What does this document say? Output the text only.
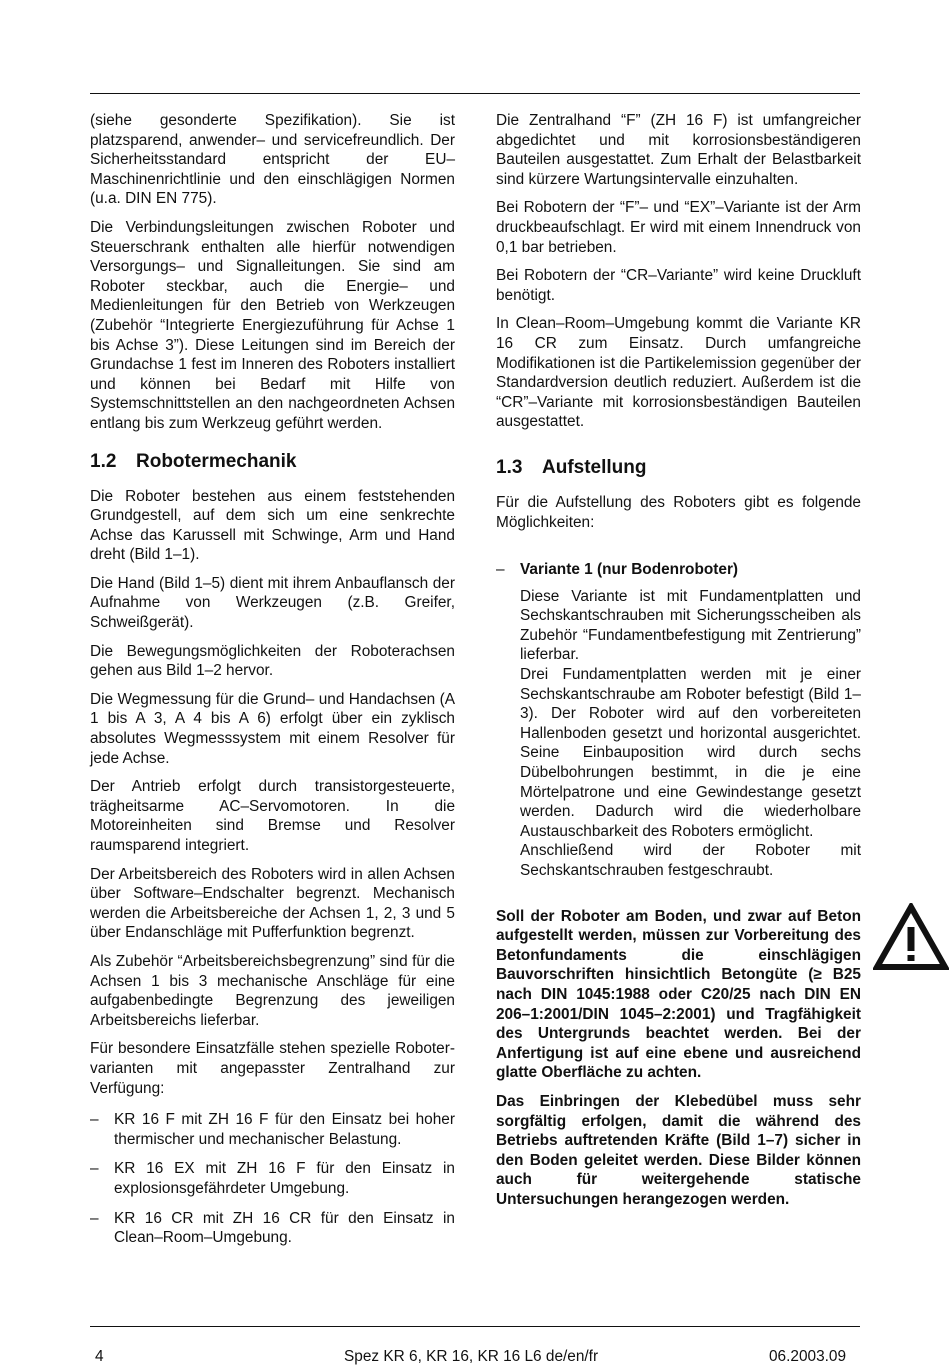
(siehe gesonderte Spezifikation). Sie ist platzsparend, anwender– und servicefreundlich. Der Sicherheitsstandard entspricht der EU–Maschinenrichtlinie und den einschlägigen Normen (u.a. DIN EN 775).

Die Verbindungsleitungen zwischen Roboter und Steuerschrank enthalten alle hierfür notwendigen Versorgungs– und Signalleitungen. Sie sind am Roboter steckbar, auch die Energie– und Medienleitungen für den Betrieb von Werkzeugen (Zubehör “Integrierte Energiezuführung für Achse 1 bis Achse 3”). Diese Leitungen sind im Bereich der Grundachse 1 fest im Inneren des Roboters installiert und können bei Bedarf mit Hilfe von Systemschnittstellen an den nachgeordneten Achsen entlang bis zum Werkzeug geführt werden.

1.2 Robotermechanik

Die Roboter bestehen aus einem feststehenden Grundgestell, auf dem sich um eine senkrechte Achse das Karussell mit Schwinge, Arm und Hand dreht (Bild 1–1).

Die Hand (Bild 1–5) dient mit ihrem Anbauflansch der Aufnahme von Werkzeugen (z.B. Greifer, Schweißgerät).

Die Bewegungsmöglichkeiten der Roboterachsen gehen aus Bild 1–2 hervor.

Die Wegmessung für die Grund– und Handachsen (A 1 bis A 3, A 4 bis A 6) erfolgt über ein zyklisch absolutes Wegmesssystem mit einem Resolver für jede Achse.

Der Antrieb erfolgt durch transistorgesteuerte, trägheitsarme AC–Servomotoren. In die Motoreinheiten sind Bremse und Resolver raumsparend integriert.

Der Arbeitsbereich des Roboters wird in allen Achsen über Software–Endschalter begrenzt. Mechanisch werden die Arbeitsbereiche der Achsen 1, 2, 3 und 5 über Endanschläge mit Pufferfunktion begrenzt.

Als Zubehör “Arbeitsbereichsbegrenzung” sind für die Achsen 1 bis 3 mechanische Anschläge für eine aufgabenbedingte Begrenzung des jeweiligen Arbeitsbereichs lieferbar.

Für besondere Einsatzfälle stehen spezielle Robotervarianten mit angepasster Zentralhand zur Verfügung:

– KR 16 F mit ZH 16 F für den Einsatz bei hoher thermischer und mechanischer Belastung.
– KR 16 EX mit ZH 16 F für den Einsatz in explosionsgefährdeter Umgebung.
– KR 16 CR mit ZH 16 CR für den Einsatz in Clean–Room–Umgebung.

Die Zentralhand “F” (ZH 16 F) ist umfangreicher abgedichtet und mit korrosionsbeständigeren Bauteilen ausgestattet. Zum Erhalt der Belastbarkeit sind kürzere Wartungsintervalle einzuhalten.

Bei Robotern der “F”– und “EX”–Variante ist der Arm druckbeaufschlagt. Er wird mit einem Innendruck von 0,1 bar betrieben.

Bei Robotern der “CR–Variante” wird keine Druckluft benötigt.

In Clean–Room–Umgebung kommt die Variante KR 16 CR zum Einsatz. Durch umfangreiche Modifikationen ist die Partikelemission gegenüber der Standardversion deutlich reduziert. Außerdem ist die “CR”–Variante mit korrosionsbeständigen Bauteilen ausgestattet.

1.3 Aufstellung

Für die Aufstellung des Roboters gibt es folgende Möglichkeiten:

– Variante 1 (nur Bodenroboter)
Diese Variante ist mit Fundamentplatten und Sechskantschrauben mit Sicherungsscheiben als Zubehör “Fundamentbefestigung mit Zentrierung” lieferbar.
Drei Fundamentplatten werden mit je einer Sechskantschraube am Roboter befestigt (Bild 1–3). Der Roboter wird auf den vorbereiteten Hallenboden gesetzt und horizontal ausgerichtet. Seine Einbauposition wird durch sechs Dübelbohrungen bestimmt, in die je eine Mörtelpatrone und eine Gewindestange gesetzt werden. Dadurch wird die wiederholbare Austauschbarkeit des Roboters ermöglicht.
Anschließend wird der Roboter mit Sechskantschrauben festgeschraubt.

Soll der Roboter am Boden, und zwar auf Beton aufgestellt werden, müssen zur Vorbereitung des Betonfundaments die einschlägigen Bauvorschriften hinsichtlich Betongüte (≥ B25 nach DIN 1045:1988 oder C20/25 nach DIN EN 206–1:2001/DIN 1045–2:2001) und Tragfähigkeit des Untergrunds beachtet werden. Bei der Anfertigung ist auf eine ebene und ausreichend glatte Oberfläche zu achten.

Das Einbringen der Klebedübel muss sehr sorgfältig erfolgen, damit die während des Betriebs auftretenden Kräfte (Bild 1–7) sicher in den Boden geleitet werden. Diese Bilder können auch für weitergehende statische Untersuchungen herangezogen werden.

4	Spez KR 6, KR 16, KR 16 L6 de/en/fr	06.2003.09
